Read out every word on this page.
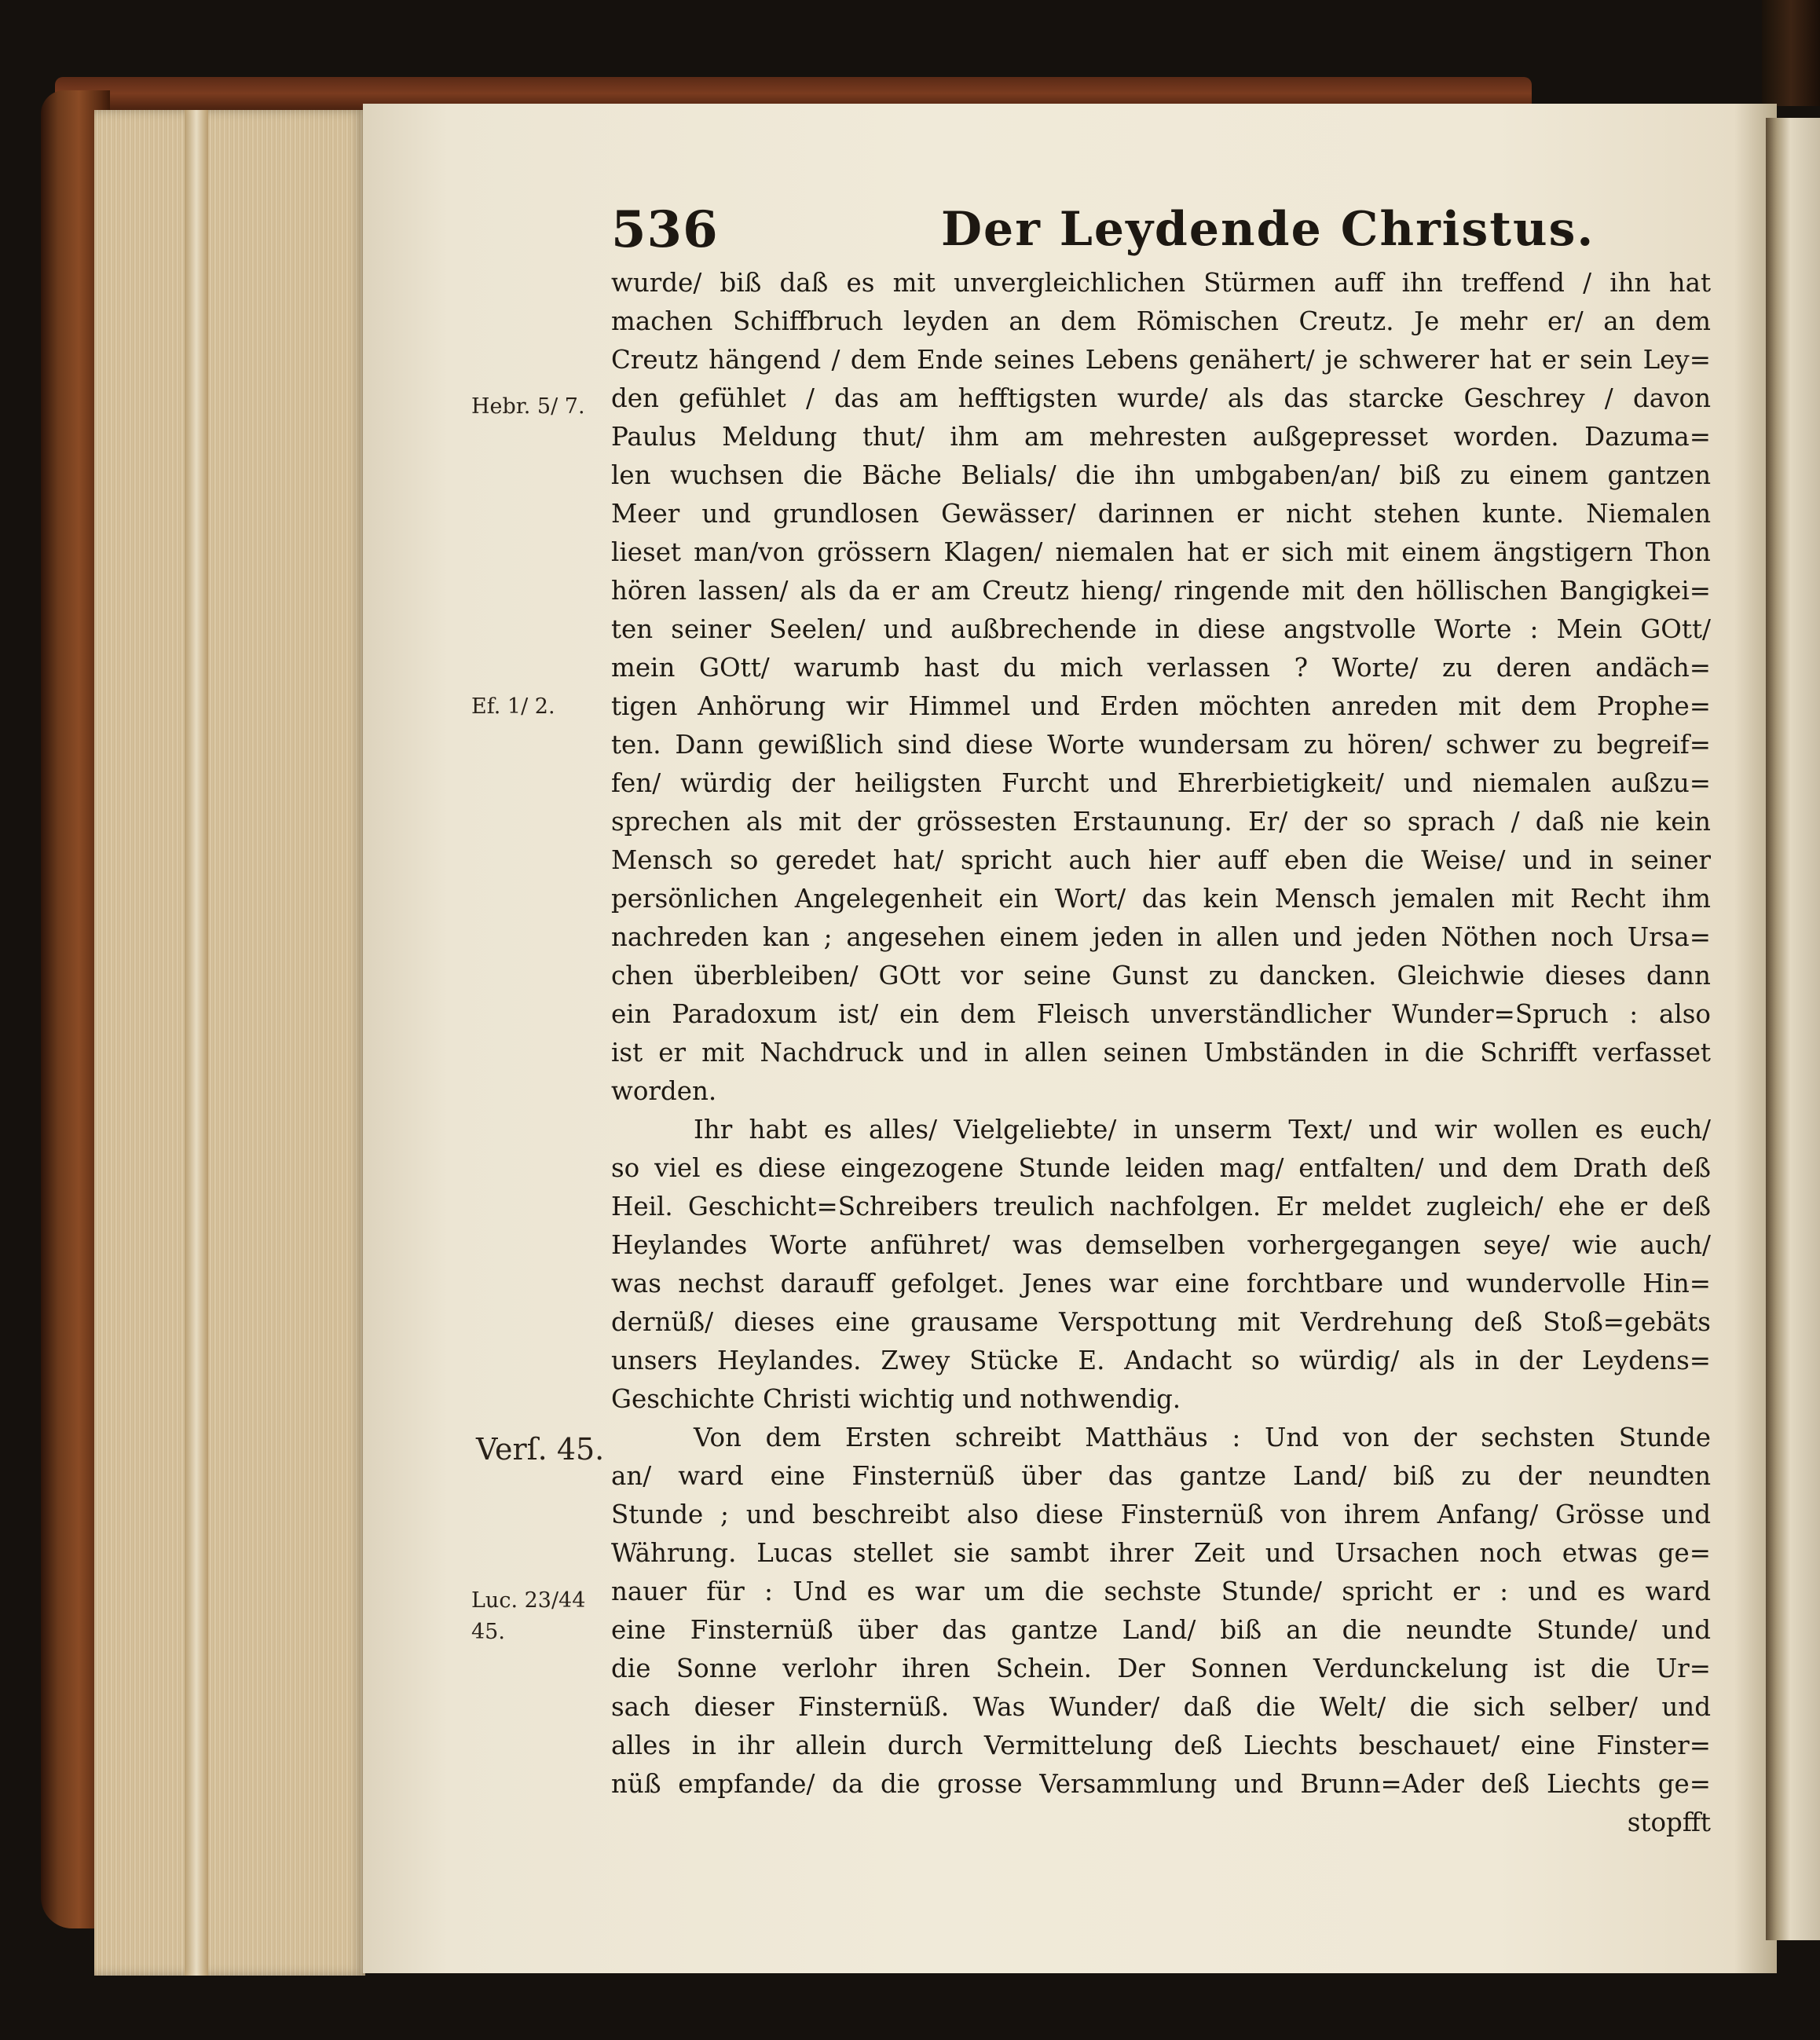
536	Der Leydende Christus.
Hebr. 5/ 7.
Ef. 1/ 2.
Verſ. 45.
Luc. 23/44
45.
wurde/ biß daß es mit unvergleichlichen Stürmen auff ihn treffend / ihn hat
machen Schiffbruch leyden an dem Römischen Creutz. Je mehr er/ an dem
Creutz hängend / dem Ende seines Lebens genähert/ je schwerer hat er sein Ley=
den gefühlet / das am hefftigsten wurde/ als das starcke Geschrey / davon
Paulus Meldung thut/ ihm am mehresten außgepresset worden. Dazuma=
len wuchsen die Bäche Belials/ die ihn umbgaben/an/ biß zu einem gantzen
Meer und grundlosen Gewässer/ darinnen er nicht stehen kunte. Niemalen
lieset man/von grössern Klagen/ niemalen hat er sich mit einem ängstigern Thon
hören lassen/ als da er am Creutz hieng/ ringende mit den höllischen Bangigkei=
ten seiner Seelen/ und außbrechende in diese angstvolle Worte : Mein GOtt/
mein GOtt/ warumb hast du mich verlassen ? Worte/ zu deren andäch=
tigen Anhörung wir Himmel und Erden möchten anreden mit dem Prophe=
ten. Dann gewißlich sind diese Worte wundersam zu hören/ schwer zu begreif=
fen/ würdig der heiligsten Furcht und Ehrerbietigkeit/ und niemalen außzu=
sprechen als mit der grössesten Erstaunung. Er/ der so sprach / daß nie kein
Mensch so geredet hat/ spricht auch hier auff eben die Weise/ und in seiner
persönlichen Angelegenheit ein Wort/ das kein Mensch jemalen mit Recht ihm
nachreden kan ; angesehen einem jeden in allen und jeden Nöthen noch Ursa=
chen überbleiben/ GOtt vor seine Gunst zu dancken. Gleichwie dieses dann
ein Paradoxum ist/ ein dem Fleisch unverständlicher Wunder=Spruch : also
ist er mit Nachdruck und in allen seinen Umbständen in die Schrifft verfasset
worden.
Ihr habt es alles/ Vielgeliebte/ in unserm Text/ und wir wollen es euch/
so viel es diese eingezogene Stunde leiden mag/ entfalten/ und dem Drath deß
Heil. Geschicht=Schreibers treulich nachfolgen. Er meldet zugleich/ ehe er deß
Heylandes Worte anführet/ was demselben vorhergegangen seye/ wie auch/
was nechst darauff gefolget. Jenes war eine forchtbare und wundervolle Hin=
dernüß/ dieses eine grausame Verspottung mit Verdrehung deß Stoß=gebäts
unsers Heylandes. Zwey Stücke E. Andacht so würdig/ als in der Leydens=
Geschichte Christi wichtig und nothwendig.
Von dem Ersten schreibt Matthäus : Und von der sechsten Stunde
an/ ward eine Finsternüß über das gantze Land/ biß zu der neundten
Stunde ; und beschreibt also diese Finsternüß von ihrem Anfang/ Grösse und
Währung. Lucas stellet sie sambt ihrer Zeit und Ursachen noch etwas ge=
nauer für : Und es war um die sechste Stunde/ spricht er : und es ward
eine Finsternüß über das gantze Land/ biß an die neundte Stunde/ und
die Sonne verlohr ihren Schein. Der Sonnen Verdunckelung ist die Ur=
sach dieser Finsternüß. Was Wunder/ daß die Welt/ die sich selber/ und
alles in ihr allein durch Vermittelung deß Liechts beschauet/ eine Finster=
nüß empfande/ da die grosse Versammlung und Brunn=Ader deß Liechts ge=
stopfft
